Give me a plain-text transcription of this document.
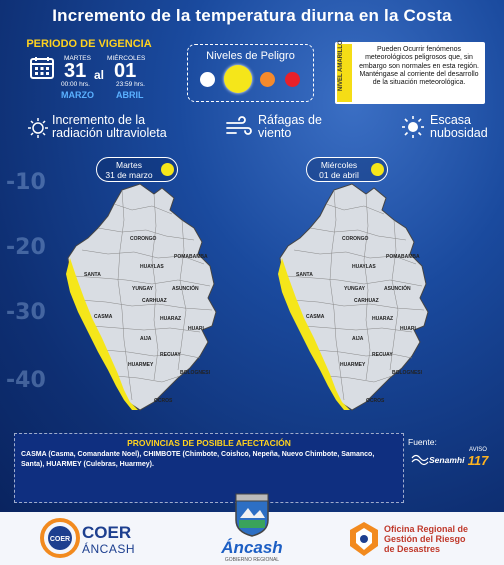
-10
-20
-30
-40
Incremento de la temperatura diurna en la Costa
PERIODO DE VIGENCIA
MARTES
31
00:00 hrs.
MARZO
al
MIÉRCOLES
01
23:59 hrs.
ABRIL
Niveles de Peligro	NIVEL AMARILLO	Pueden Ocurrir fenómenos meteorológicos peligrosos que, sin embargo son normales en esta región. Manténgase al corriente del desarrollo de la situación meteorológica.
Incremento de la radiación ultravioleta
Ráfagas de viento
Escasa nubosidad
Martes
31 de marzo
Miércoles
01 de abril
SANTA
CASMA
HUARMEY
HUAYLAS
YUNGAY
CARHUAZ
HUARAZ
AIJA
RECUAY
BOLOGNESI
OCROS
CORONGO
POMABAMBA
ASUNCIÓN
HUARI
SANTA
CASMA
HUARMEY
HUAYLAS
YUNGAY
CARHUAZ
HUARAZ
AIJA
RECUAY
BOLOGNESI
OCROS
CORONGO
POMABAMBA
ASUNCIÓN
HUARI
PROVINCIAS DE POSIBLE AFECTACIÓN
CASMA (Casma, Comandante Noel), CHIMBOTE (Chimbote, Coishco, Nepeña, Nuevo Chimbote, Samanco, Santa), HUARMEY (Culebras, Huarmey).
Fuente:
Senamhi
AVISO
117
COER COER
ÁNCASH	Áncash
GOBIERNO REGIONAL
Oficina Regional de
Gestión del Riesgo
de Desastres
